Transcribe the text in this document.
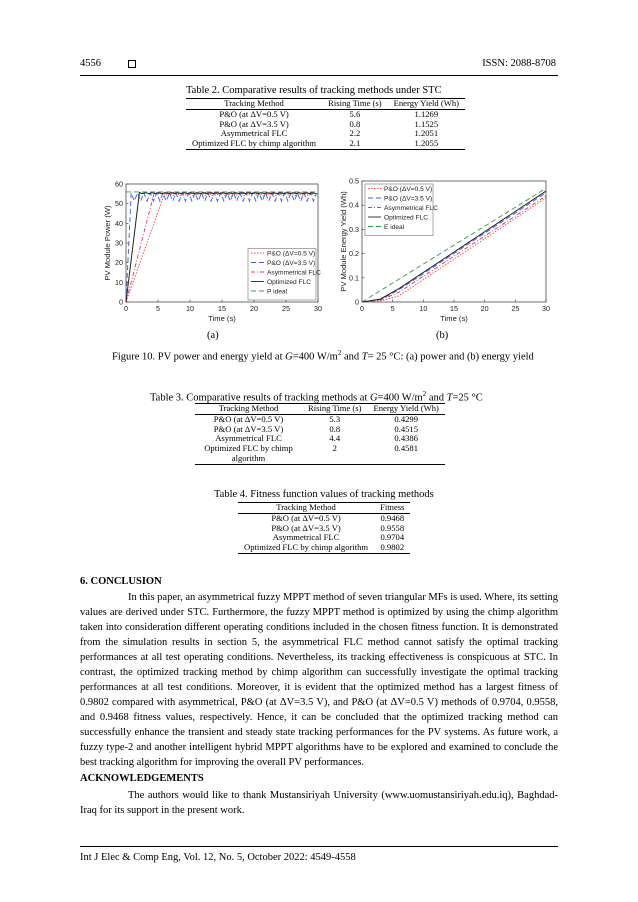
4556	ISSN: 2088-8708
Table 2. Comparative results of tracking methods under STC
Tracking Method	Rising Time (s)	Energy Yield (Wh)
P&O (at ΔV=0.5 V)	5.6	1.1269
P&O (at ΔV=3.5 V)	0.8	1.1525
Asymmetrical FLC	2.2	1.2051
Optimized FLC by chimp algorithm	2.1	1.2055
0	5	10	15	20	25	30
0
10
20
30
40
50
60
Time (s)
PV Module Power (W)	P&O (ΔV=0.5 V)
P&O (ΔV=3.5 V)
Asymmetrical FLC
Optimized FLC
P ideal
(a)
0	5	10	15	20	25	30
0
0.1
0.2
0.3
0.4
0.5
Time (s)
PV Module Energy Yield (Wh)
P&O (ΔV=0.5 V)
P&O (ΔV=3.5 V)
Asymmetrical FLC
Optimized FLC
E ideal
(b)
Figure 10. PV power and energy yield at G=400 $W/m^2$ and T= 25 °C: (a) power and (b) energy yield
Table 3. Comparative results of tracking methods at G=400 $W/m^2$ and T=25 °C
Tracking Method	Rising Time (s)	Energy Yield (Wh)
P&O (at ΔV=0.5 V)	5.3	0.4299
P&O (at ΔV=3.5 V)	0.8	0.4515
Asymmetrical FLC	4.4	0.4386
Optimized FLC by chimp algorithm	2	0.4581
Table 4. Fitness function values of tracking methods
Tracking Method	Fitness
P&O (at ΔV=0.5 V)	0.9468
P&O (at ΔV=3.5 V)	0.9558
Asymmetrical FLC	0.9704
Optimized FLC by chimp algorithm	0.9802
6. CONCLUSION
In this paper, an asymmetrical fuzzy MPPT method of seven triangular MFs is used. Where, its setting values are derived under STC. Furthermore, the fuzzy MPPT method is optimized by using the chimp algorithm taken into consideration different operating conditions included in the chosen fitness function. It is demonstrated from the simulation results in section 5, the asymmetrical FLC method cannot satisfy the optimal tracking performances at all test operating conditions. Nevertheless, its tracking effectiveness is conspicuous at STC. In contrast, the optimized tracking method by chimp algorithm can successfully investigate the optimal tracking performances at all test conditions. Moreover, it is evident that the optimized method has a largest fitness of 0.9802 compared with asymmetrical, P&O (at ΔV=3.5 V), and P&O (at ΔV=0.5 V) methods of 0.9704, 0.9558, and 0.9468 fitness values, respectively. Hence, it can be concluded that the optimized tracking method can successfully enhance the transient and steady state tracking performances for the PV systems. As future work, a fuzzy type-2 and another intelligent hybrid MPPT algorithms have to be explored and examined to conclude the best tracking algorithm for improving the overall PV performances.
ACKNOWLEDGEMENTS
The authors would like to thank Mustansiriyah University (www.uomustansiriyah.edu.iq), Baghdad-Iraq for its support in the present work.
Int J Elec & Comp Eng, Vol. 12, No. 5, October 2022: 4549-4558
